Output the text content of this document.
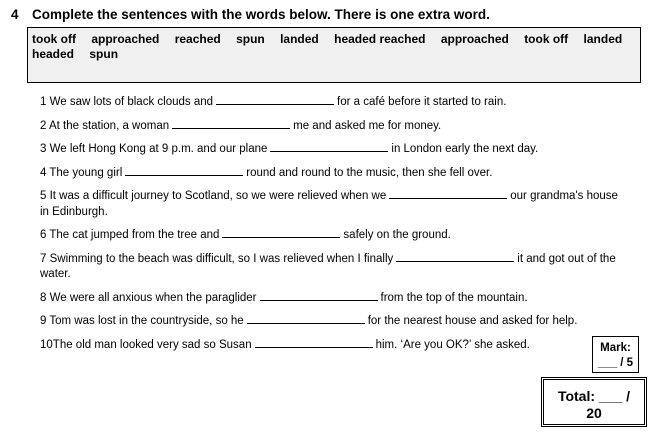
4 Complete the sentences with the words below. There is one extra word.
took off approached reached spun landed headed reached approached took off landed
headed spun

1 We saw lots of black clouds and	for a café before it started to rain.

2 At the station, a woman	me and asked me for money.

3 We left Hong Kong at 9 p.m. and our plane	in London early the next day.

4 The young girl	round and round to the music, then she fell over.

5 It was a difficult journey to Scotland, so we were relieved when we	our grandma's house in Edinburgh.

6 The cat jumped from the tree and	safely on the ground.

7 Swimming to the beach was difficult, so I was relieved when I finally	it and got out of the water.

8 We were all anxious when the paraglider	from the top of the mountain.

9 Tom was lost in the countryside, so he	for the nearest house and asked for help.

10The old man looked very sad so Susan	him. ‘Are you OK?’ she asked.	Mark:
___ / 5
Total: ___ /
20
